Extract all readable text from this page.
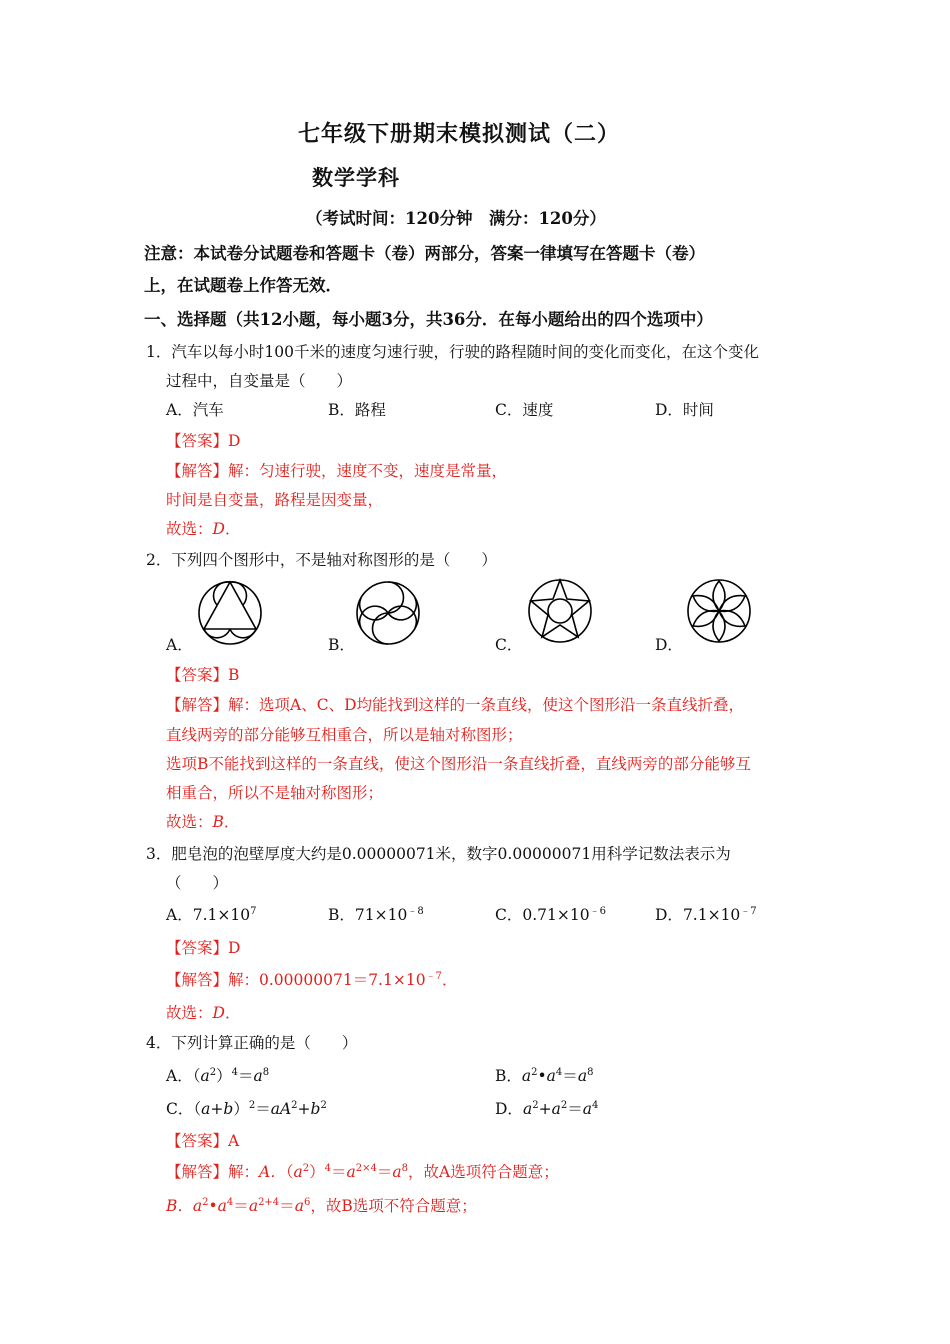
七年级下册期末模拟测试（二）
数学学科
（考试时间：120分钟　满分：120分）
注意：本试卷分试题卷和答题卡（卷）两部分，答案一律填写在答题卡（卷）
上，在试题卷上作答无效．
一、选择题（共12小题，每小题3分，共36分．在每小题给出的四个选项中）
1．汽车以每小时100千米的速度匀速行驶，行驶的路程随时间的变化而变化，在这个变化
过程中，自变量是（　　）
A．汽车	B．路程	C．速度	D．时间
【答案】D
【解答】解：匀速行驶，速度不变，速度是常量，
时间是自变量，路程是因变量，
故选：D．
2．下列四个图形中，不是轴对称图形的是（　　）
A．	B．	C．	D．
【答案】B
【解答】解：选项A、C、D均能找到这样的一条直线，使这个图形沿一条直线折叠，
直线两旁的部分能够互相重合，所以是轴对称图形；
选项B不能找到这样的一条直线，使这个图形沿一条直线折叠，直线两旁的部分能够互
相重合，所以不是轴对称图形；
故选：B．
3．肥皂泡的泡壁厚度大约是0.00000071米，数字0.00000071用科学记数法表示为
（　　）
A．$7.1\times 10^7$	B．$71\times 10^{﹣8}$	C．$0.71\times 10^{﹣6}$	D．$7.1\times 10^{﹣7}$
【答案】D
【解答】解：$0.00000071=7.1\times 10^{﹣7}$．
故选：D．
4．下列计算正确的是（　　）
A．$(a^2)^4=a^8$	B．$a^2•a^4=a^8$
C．$(a+b)^2=aA^2+b^2$	D．$a^2+a^2=a^4$
【答案】A
【解答】解：A．$(a^2)^4=a^{2\times 4}=a^8$，故A选项符合题意；
B．$a^2•a^4=a^{2+4}=a^6$，故B选项不符合题意；
